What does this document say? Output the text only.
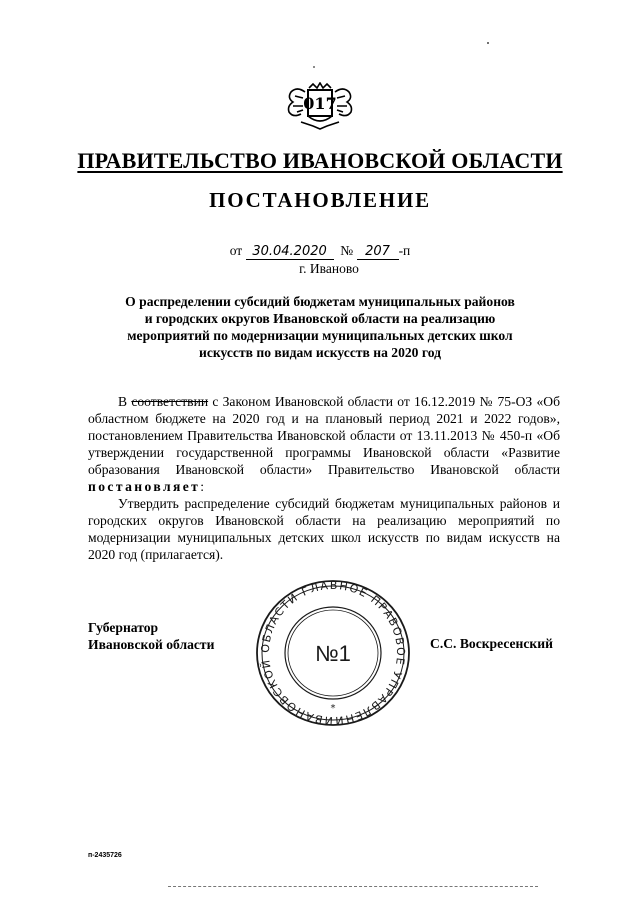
017
ПРАВИТЕЛЬСТВО ИВАНОВСКОЙ ОБЛАСТИ
ПОСТАНОВЛЕНИЕ
от 30.04.2020 № 207 -п
г. Иваново
О распределении субсидий бюджетам муниципальных районов
и городских округов Ивановской области на реализацию
мероприятий по модернизации муниципальных детских школ
искусств по видам искусств на 2020 год

В соответствии с Законом Ивановской области от 16.12.2019 № 75-ОЗ «Об областном бюджете на 2020 год и на плановый период 2021 и 2022 годов», постановлением Правительства Ивановской области от 13.11.2013 № 450-п «Об утверждении государственной программы Ивановской области «Развитие образования Ивановской области» Правительство Ивановской области постановляет:

Утвердить распределение субсидий бюджетам муниципальных районов и городских округов Ивановской области на реализацию мероприятий по модернизации муниципальных детских школ искусств по видам искусств на 2020 год (прилагается).

Губернатор
Ивановской области
ИВАНОВСКОЙ ОБЛАСТИ ГЛАВНОЕ ПРАВОВОЕ УПРАВЛЕНИ
№1
*
С.С. Воскресенский
п-2435726
